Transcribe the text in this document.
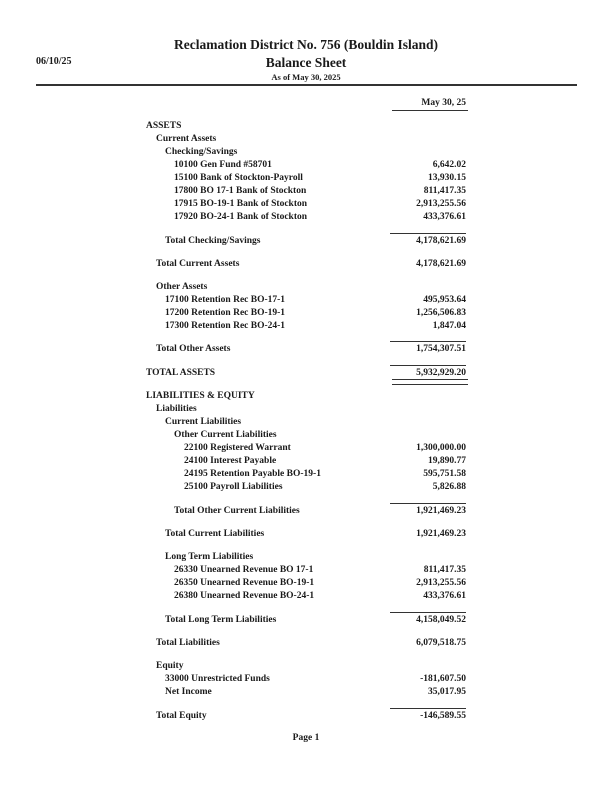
06/10/25
Reclamation District No. 756 (Bouldin Island)
Balance Sheet
As of May 30, 2025
May 30, 25
ASSETS
Current Assets
Checking/Savings
10100 Gen Fund #58701	6,642.02
15100 Bank of Stockton-Payroll	13,930.15
17800 BO 17-1 Bank of Stockton	811,417.35
17915 BO-19-1 Bank of Stockton	2,913,255.56
17920 BO-24-1 Bank of Stockton	433,376.61
Total Checking/Savings	4,178,621.69
Total Current Assets	4,178,621.69
Other Assets
17100 Retention Rec BO-17-1	495,953.64
17200 Retention Rec BO-19-1	1,256,506.83
17300 Retention Rec BO-24-1	1,847.04
Total Other Assets	1,754,307.51
TOTAL ASSETS	5,932,929.20
LIABILITIES & EQUITY
Liabilities
Current Liabilities
Other Current Liabilities
22100 Registered Warrant	1,300,000.00
24100 Interest Payable	19,890.77
24195 Retention Payable BO-19-1	595,751.58
25100 Payroll Liabilities	5,826.88
Total Other Current Liabilities	1,921,469.23
Total Current Liabilities	1,921,469.23
Long Term Liabilities
26330 Unearned Revenue BO 17-1	811,417.35
26350 Unearned Revenue BO-19-1	2,913,255.56
26380 Unearned Revenue BO-24-1	433,376.61
Total Long Term Liabilities	4,158,049.52
Total Liabilities	6,079,518.75
Equity
33000 Unrestricted Funds	-181,607.50
Net Income	35,017.95
Total Equity	-146,589.55
Page 1
